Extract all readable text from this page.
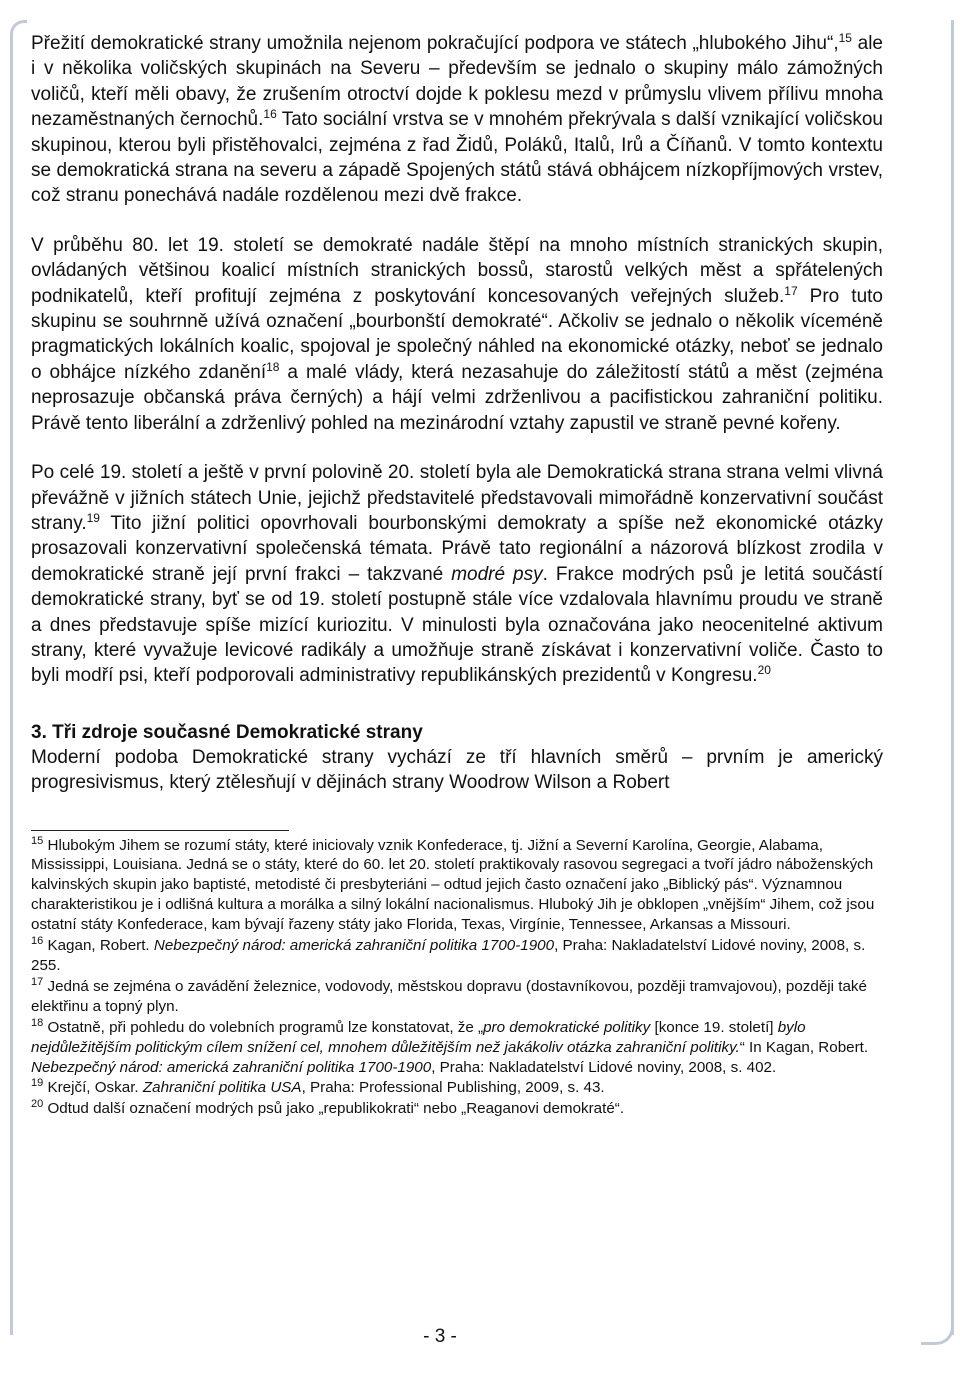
Přežití demokratické strany umožnila nejenom pokračující podpora ve státech „hlubokého Jihu“,$^{15}$ ale i v několika voličských skupinách na Severu – především se jednalo o skupiny málo zámožných voličů, kteří měli obavy, že zrušením otroctví dojde k poklesu mezd v průmyslu vlivem přílivu mnoha nezaměstnaných černochů.$^{16}$ Tato sociální vrstva se v mnohém překrývala s další vznikající voličskou skupinou, kterou byli přistěhovalci, zejména z řad Židů, Poláků, Italů, Irů a Číňanů. V tomto kontextu se demokratická strana na severu a západě Spojených států stává obhájcem nízkopříjmových vrstev, což stranu ponechává nadále rozdělenou mezi dvě frakce.

V průběhu 80. let 19. století se demokraté nadále štěpí na mnoho místních stranických skupin, ovládaných většinou koalicí místních stranických bossů, starostů velkých měst a spřátelených podnikatelů, kteří profitují zejména z poskytování koncesovaných veřejných služeb.$^{17}$ Pro tuto skupinu se souhrnně užívá označení „bourbonští demokraté“. Ačkoliv se jednalo o několik víceméně pragmatických lokálních koalic, spojoval je společný náhled na ekonomické otázky, neboť se jednalo o obhájce nízkého zdanění$^{18}$ a malé vlády, která nezasahuje do záležitostí států a měst (zejména neprosazuje občanská práva černých) a hájí velmi zdrženlivou a pacifistickou zahraniční politiku. Právě tento liberální a zdrženlivý pohled na mezinárodní vztahy zapustil ve straně pevné kořeny.

Po celé 19. století a ještě v první polovině 20. století byla ale Demokratická strana strana velmi vlivná převážně v jižních státech Unie, jejichž představitelé představovali mimořádně konzervativní součást strany.$^{19}$ Tito jižní politici opovrhovali bourbonskými demokraty a spíše než ekonomické otázky prosazovali konzervativní společenská témata. Právě tato regionální a názorová blízkost zrodila v demokratické straně její první frakci – takzvané modré psy. Frakce modrých psů je letitá součástí demokratické strany, byť se od 19. století postupně stále více vzdalovala hlavnímu proudu ve straně a dnes představuje spíše mizící kuriozitu. V minulosti byla označována jako neocenitelné aktivum strany, které vyvažuje levicové radikály a umožňuje straně získávat i konzervativní voliče. Často to byli modří psi, kteří podporovali administrativy republikánských prezidentů v Kongresu.$^{20}$

3. Tři zdroje současné Demokratické strany

Moderní podoba Demokratické strany vychází ze tří hlavních směrů – prvním je americký progresivismus, který ztělesňují v dějinách strany Woodrow Wilson a Robert

$^{15}$ Hlubokým Jihem se rozumí státy, které iniciovaly vznik Konfederace, tj. Jižní a Severní Karolína, Georgie, Alabama, Mississippi, Louisiana. Jedná se o státy, které do 60. let 20. století praktikovaly rasovou segregaci a tvoří jádro náboženských kalvinských skupin jako baptisté, metodisté či presbyteriáni – odtud jejich často označení jako „Biblický pás“. Významnou charakteristikou je i odlišná kultura a morálka a silný lokální nacionalismus. Hluboký Jih je obklopen „vnějším“ Jihem, což jsou ostatní státy Konfederace, kam bývají řazeny státy jako Florida, Texas, Virgínie, Tennessee, Arkansas a Missouri.

$^{16}$ Kagan, Robert. Nebezpečný národ: americká zahraniční politika 1700-1900, Praha: Nakladatelství Lidové noviny, 2008, s. 255.

$^{17}$ Jedná se zejména o zavádění železnice, vodovody, městskou dopravu (dostavníkovou, později tramvajovou), později také elektřinu a topný plyn.

$^{18}$ Ostatně, při pohledu do volebních programů lze konstatovat, že „pro demokratické politiky [konce 19. století] bylo nejdůležitějším politickým cílem snížení cel, mnohem důležitějším než jakákoliv otázka zahraniční politiky.“ In Kagan, Robert. Nebezpečný národ: americká zahraniční politika 1700-1900, Praha: Nakladatelství Lidové noviny, 2008, s. 402.

$^{19}$ Krejčí, Oskar. Zahraniční politika USA, Praha: Professional Publishing, 2009, s. 43.

$^{20}$ Odtud další označení modrých psů jako „republikokrati“ nebo „Reaganovi demokraté“.

- 3 -
